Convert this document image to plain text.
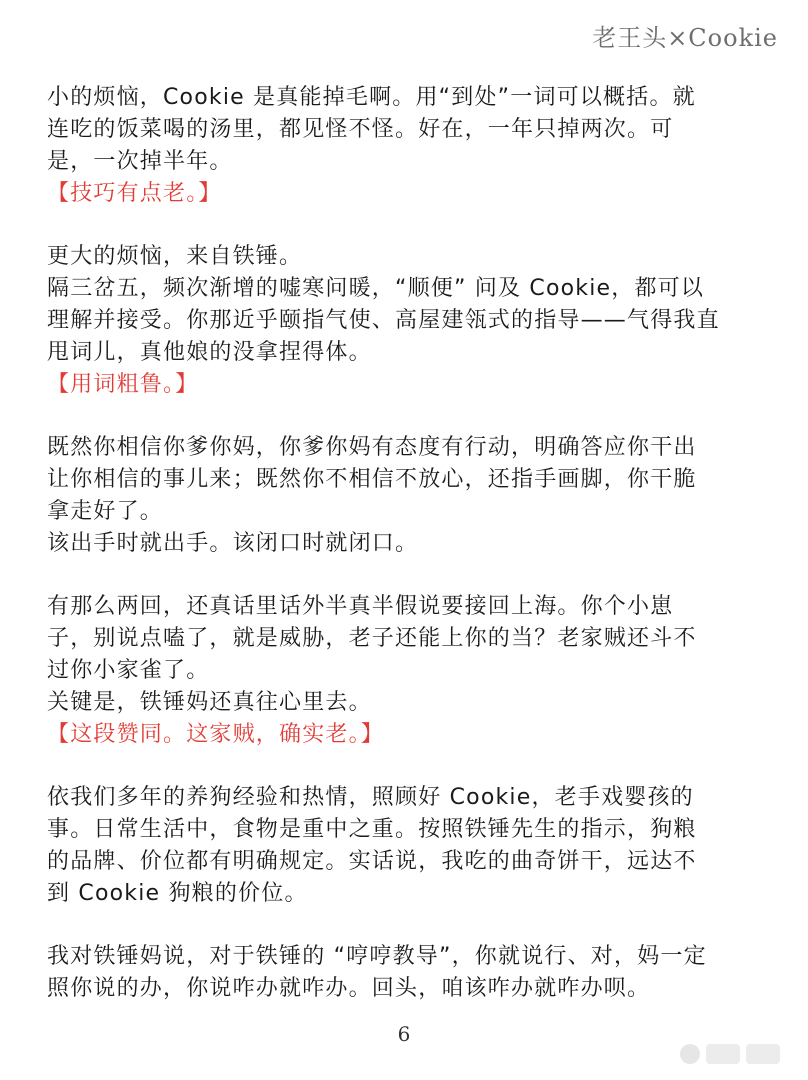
老王头×Cookie
小的烦恼，Cookie 是真能掉毛啊。用“到处”一词可以概括。就
连吃的饭菜喝的汤里，都见怪不怪。好在，一年只掉两次。可
是，一次掉半年。
【技巧有点老。】
更大的烦恼，来自铁锤。
隔三岔五，频次渐增的嘘寒问暖，“顺便” 问及 Cookie，都可以
理解并接受。你那近乎颐指气使、高屋建瓴式的指导——气得我直
甩词儿，真他娘的没拿捏得体。
【用词粗鲁。】
既然你相信你爹你妈，你爹你妈有态度有行动，明确答应你干出
让你相信的事儿来；既然你不相信不放心，还指手画脚，你干脆
拿走好了。
该出手时就出手。该闭口时就闭口。
有那么两回，还真话里话外半真半假说要接回上海。你个小崽
子，别说点嗑了，就是威胁，老子还能上你的当？老家贼还斗不
过你小家雀了。
关键是，铁锤妈还真往心里去。
【这段赞同。这家贼，确实老。】
依我们多年的养狗经验和热情，照顾好 Cookie，老手戏婴孩的
事。日常生活中，食物是重中之重。按照铁锤先生的指示，狗粮
的品牌、价位都有明确规定。实话说，我吃的曲奇饼干，远达不
到 Cookie 狗粮的价位。
我对铁锤妈说，对于铁锤的 “哼哼教导”，你就说行、对，妈一定
照你说的办，你说咋办就咋办。回头，咱该咋办就咋办呗。
6
